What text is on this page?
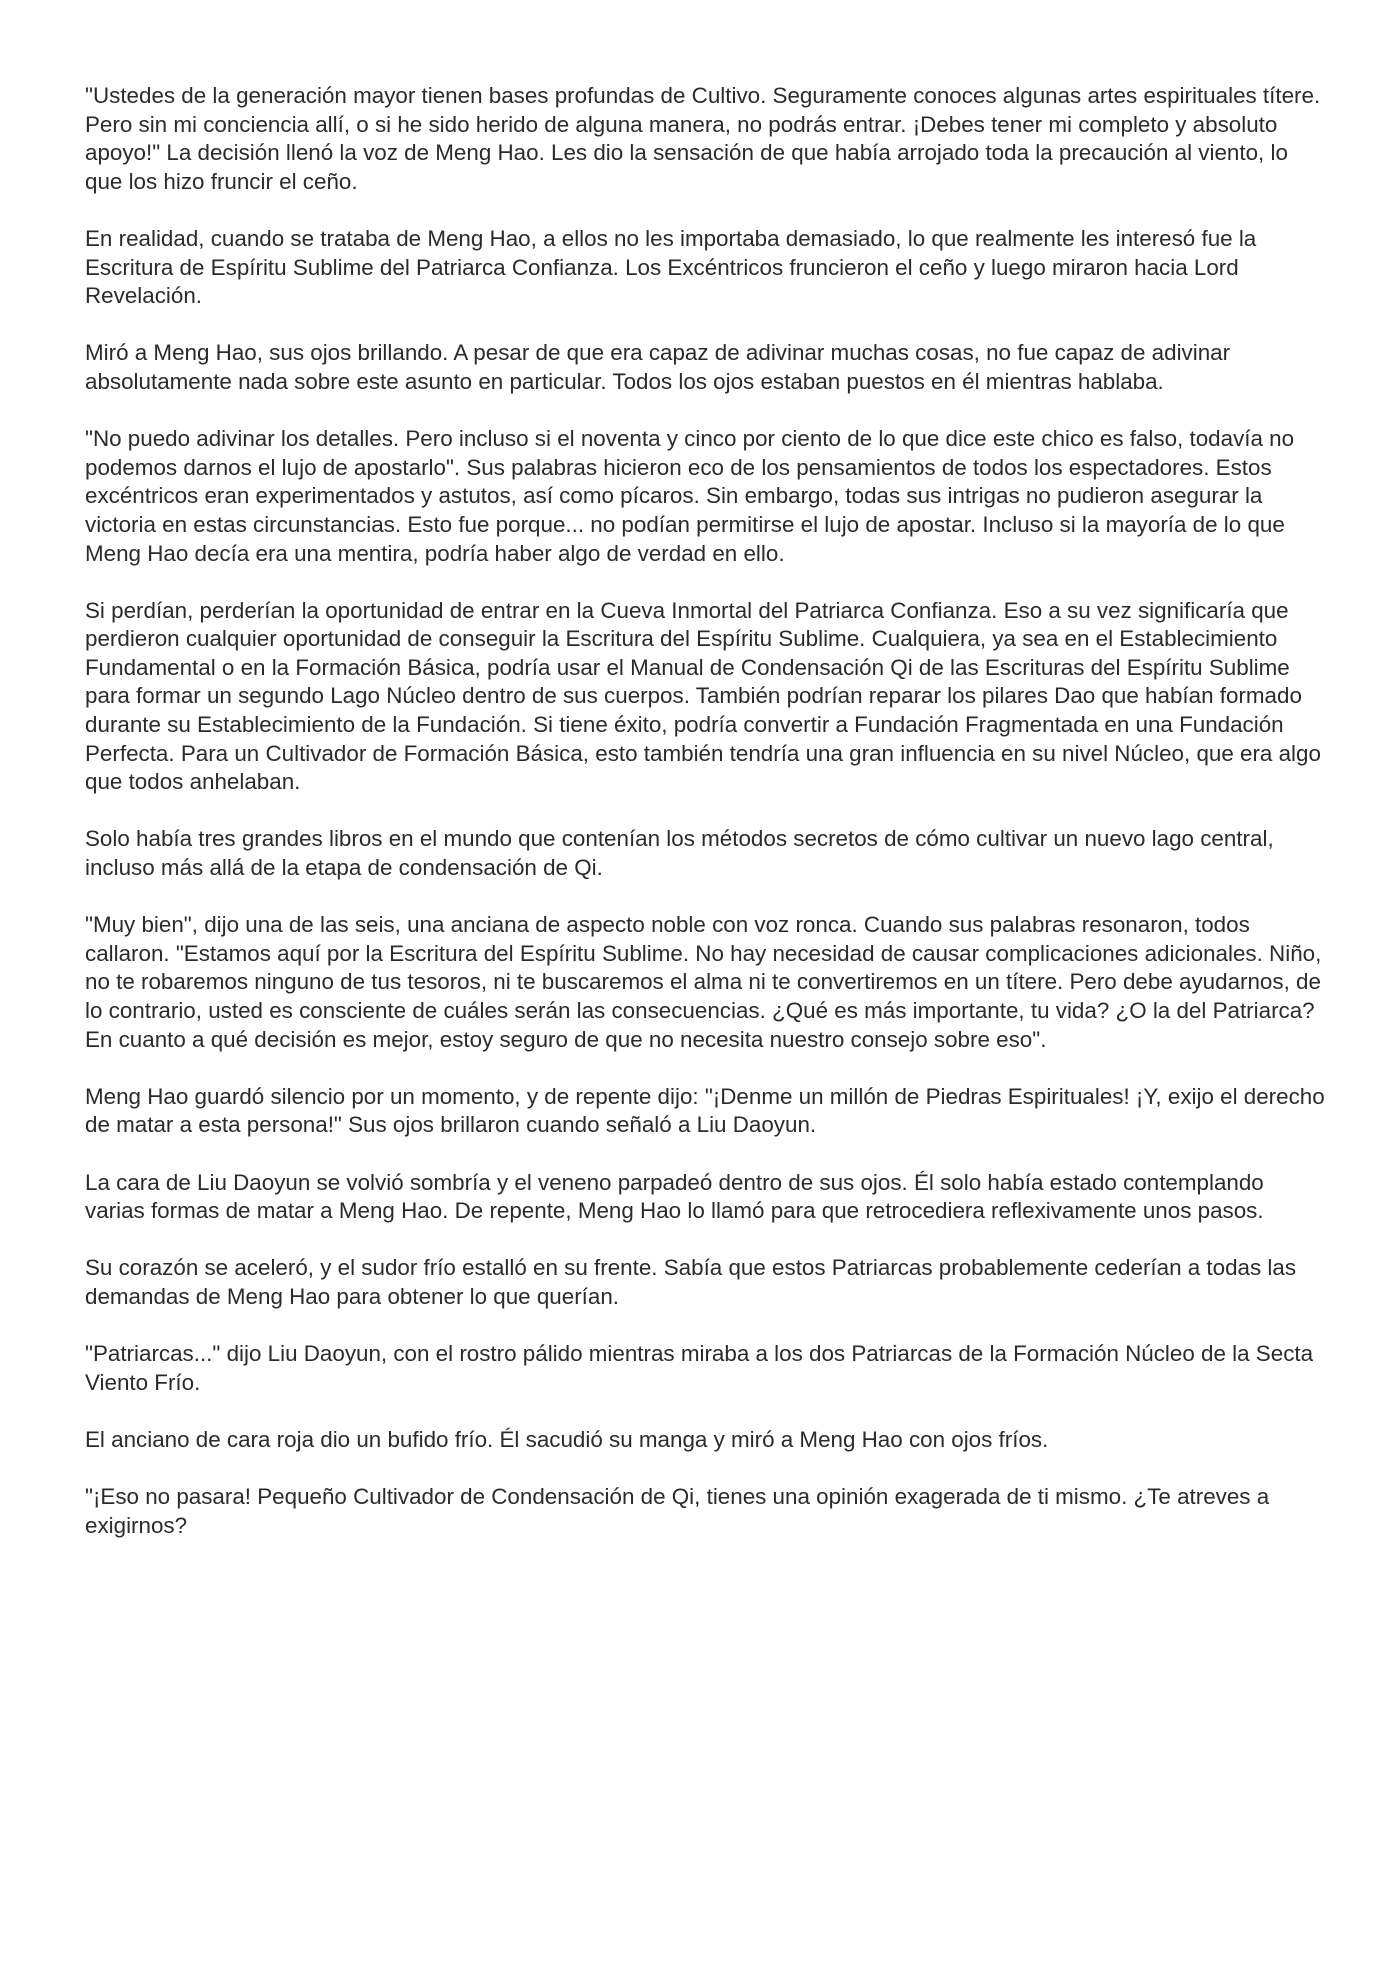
"Ustedes de la generación mayor tienen bases profundas de Cultivo. Seguramente conoces algunas artes espirituales títere. Pero sin mi conciencia allí, o si he sido herido de alguna manera, no podrás entrar. ¡Debes tener mi completo y absoluto apoyo!" La decisión llenó la voz de Meng Hao. Les dio la sensación de que había arrojado toda la precaución al viento, lo que los hizo fruncir el ceño.

En realidad, cuando se trataba de Meng Hao, a ellos no les importaba demasiado, lo que realmente les interesó fue la Escritura de Espíritu Sublime del Patriarca Confianza. Los Excéntricos fruncieron el ceño y luego miraron hacia Lord Revelación.

Miró a Meng Hao, sus ojos brillando. A pesar de que era capaz de adivinar muchas cosas, no fue capaz de adivinar absolutamente nada sobre este asunto en particular. Todos los ojos estaban puestos en él mientras hablaba.

"No puedo adivinar los detalles. Pero incluso si el noventa y cinco por ciento de lo que dice este chico es falso, todavía no podemos darnos el lujo de apostarlo". Sus palabras hicieron eco de los pensamientos de todos los espectadores. Estos excéntricos eran experimentados y astutos, así como pícaros. Sin embargo, todas sus intrigas no pudieron asegurar la victoria en estas circunstancias. Esto fue porque... no podían permitirse el lujo de apostar. Incluso si la mayoría de lo que Meng Hao decía era una mentira, podría haber algo de verdad en ello.

Si perdían, perderían la oportunidad de entrar en la Cueva Inmortal del Patriarca Confianza. Eso a su vez significaría que perdieron cualquier oportunidad de conseguir la Escritura del Espíritu Sublime. Cualquiera, ya sea en el Establecimiento Fundamental o en la Formación Básica, podría usar el Manual de Condensación Qi de las Escrituras del Espíritu Sublime para formar un segundo Lago Núcleo dentro de sus cuerpos. También podrían reparar los pilares Dao que habían formado durante su Establecimiento de la Fundación. Si tiene éxito, podría convertir a Fundación Fragmentada en una Fundación Perfecta. Para un Cultivador de Formación Básica, esto también tendría una gran influencia en su nivel Núcleo, que era algo que todos anhelaban.

Solo había tres grandes libros en el mundo que contenían los métodos secretos de cómo cultivar un nuevo lago central, incluso más allá de la etapa de condensación de Qi.

"Muy bien", dijo una de las seis, una anciana de aspecto noble con voz ronca. Cuando sus palabras resonaron, todos callaron. "Estamos aquí por la Escritura del Espíritu Sublime. No hay necesidad de causar complicaciones adicionales. Niño, no te robaremos ninguno de tus tesoros, ni te buscaremos el alma ni te convertiremos en un títere. Pero debe ayudarnos, de lo contrario, usted es consciente de cuáles serán las consecuencias. ¿Qué es más importante, tu vida? ¿O la del Patriarca? En cuanto a qué decisión es mejor, estoy seguro de que no necesita nuestro consejo sobre eso".

Meng Hao guardó silencio por un momento, y de repente dijo: "¡Denme un millón de Piedras Espirituales! ¡Y, exijo el derecho de matar a esta persona!" Sus ojos brillaron cuando señaló a Liu Daoyun.

La cara de Liu Daoyun se volvió sombría y el veneno parpadeó dentro de sus ojos. Él solo había estado contemplando varias formas de matar a Meng Hao. De repente, Meng Hao lo llamó para que retrocediera reflexivamente unos pasos.

Su corazón se aceleró, y el sudor frío estalló en su frente. Sabía que estos Patriarcas probablemente cederían a todas las demandas de Meng Hao para obtener lo que querían.

"Patriarcas..." dijo Liu Daoyun, con el rostro pálido mientras miraba a los dos Patriarcas de la Formación Núcleo de la Secta Viento Frío.

El anciano de cara roja dio un bufido frío. Él sacudió su manga y miró a Meng Hao con ojos fríos.

"¡Eso no pasara! Pequeño Cultivador de Condensación de Qi, tienes una opinión exagerada de ti mismo. ¿Te atreves a exigirnos?
